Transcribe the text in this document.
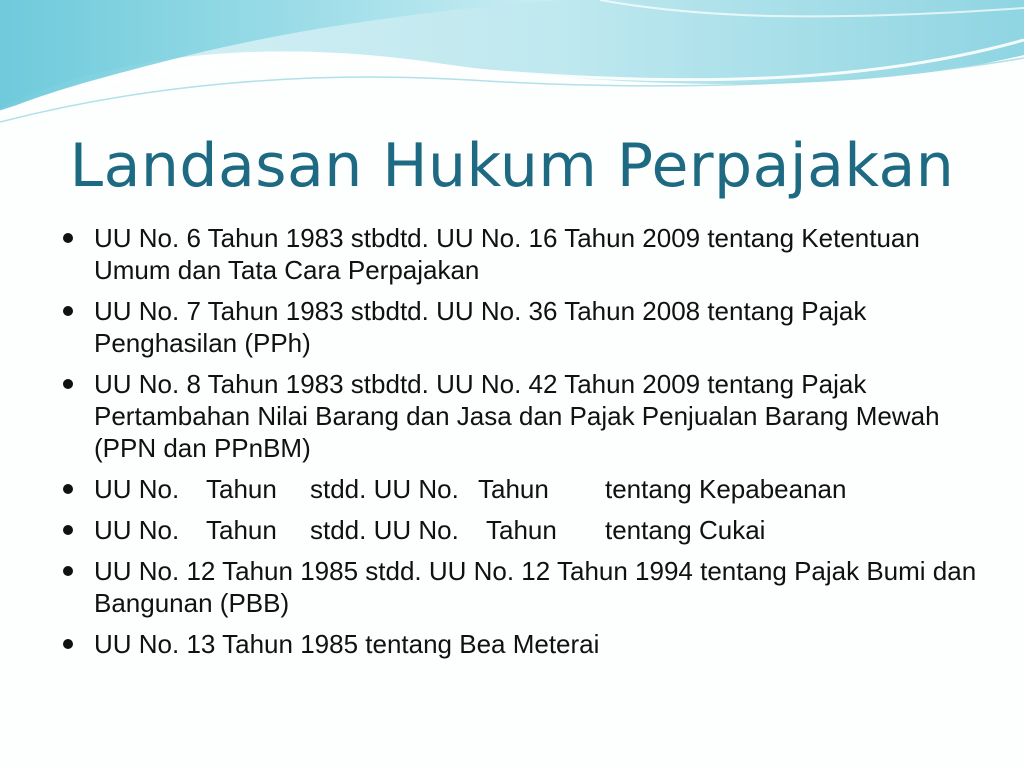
Landasan Hukum Perpajakan
UU No. 6 Tahun 1983 stbdtd. UU No. 16 Tahun 2009 tentang Ketentuan Umum dan Tata Cara Perpajakan
UU No. 7 Tahun 1983 stbdtd. UU No. 36 Tahun 2008 tentang Pajak Penghasilan (PPh)
UU No. 8 Tahun 1983 stbdtd. UU No. 42 Tahun 2009 tentang Pajak Pertambahan Nilai Barang dan Jasa dan Pajak Penjualan Barang Mewah (PPN dan PPnBM)
UU No.	Tahun	stdd. UU No. Tahun	tentang Kepabeanan
UU No.	Tahun	stdd. UU No.	Tahun	tentang Cukai
UU No. 12 Tahun 1985 stdd. UU No. 12 Tahun 1994 tentang Pajak Bumi dan Bangunan (PBB)
UU No. 13 Tahun 1985 tentang Bea Meterai
